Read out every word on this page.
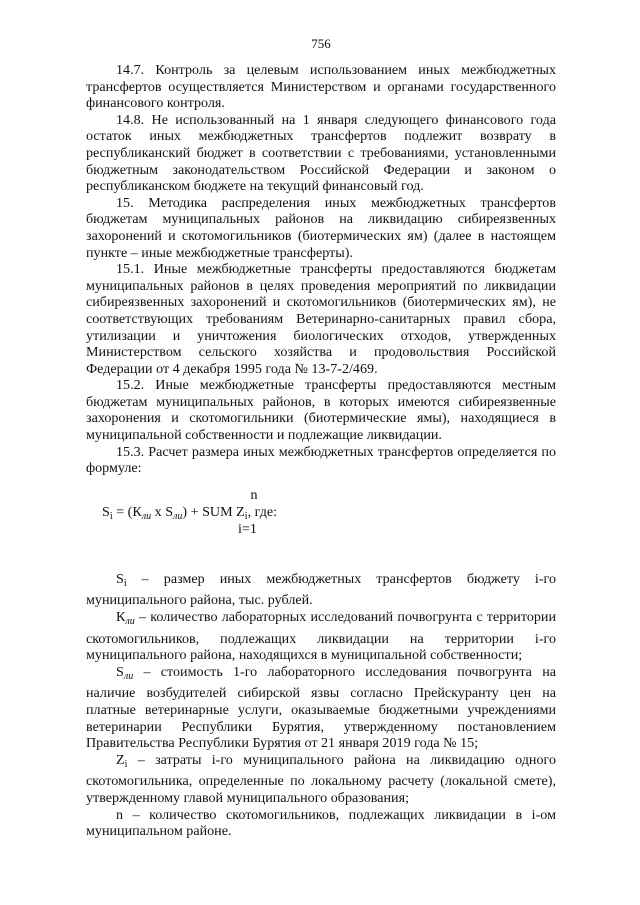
756

14.7. Контроль за целевым использованием иных межбюджетных трансфертов осуществляется Министерством и органами государственного финансового контроля.

14.8. Не использованный на 1 января следующего финансового года остаток иных межбюджетных трансфертов подлежит возврату в республиканский бюджет в соответствии с требованиями, установленными бюджетным законодательством Российской Федерации и законом о республиканском бюджете на текущий финансовый год.

15. Методика распределения иных межбюджетных трансфертов бюджетам муниципальных районов на ликвидацию сибиреязвенных захоронений и скотомогильников (биотермических ям) (далее в настоящем пункте – иные межбюджетные трансферты).

15.1. Иные межбюджетные трансферты предоставляются бюджетам муниципальных районов в целях проведения мероприятий по ликвидации сибиреязвенных захоронений и скотомогильников (биотермических ям), не соответствующих требованиям Ветеринарно-санитарных правил сбора, утилизации и уничтожения биологических отходов, утвержденных Министерством сельского хозяйства и продовольствия Российской Федерации от 4 декабря 1995 года № 13-7-2/469.

15.2. Иные межбюджетные трансферты предоставляются местным бюджетам муниципальных районов, в которых имеются сибиреязвенные захоронения и скотомогильники (биотермические ямы), находящиеся в муниципальной собственности и подлежащие ликвидации.

15.3. Расчет размера иных межбюджетных трансфертов определяется по формуле:

n
$S_i = (К_{ли}$ x $S_{ли}$) + SUM $Z_i$, где:
i=1

$S_i$ – размер иных межбюджетных трансфертов бюджету i-го муниципального района, тыс. рублей.

$К_{ли}$ – количество лабораторных исследований почвогрунта с территории скотомогильников, подлежащих ликвидации на территории i-го муниципального района, находящихся в муниципальной собственности;

$S_{ли}$ – стоимость 1-го лабораторного исследования почвогрунта на наличие возбудителей сибирской язвы согласно Прейскуранту цен на платные ветеринарные услуги, оказываемые бюджетными учреждениями ветеринарии Республики Бурятия, утвержденному постановлением Правительства Республики Бурятия от 21 января 2019 года № 15;

$Z_i$ – затраты i-го муниципального района на ликвидацию одного скотомогильника, определенные по локальному расчету (локальной смете), утвержденному главой муниципального образования;

n – количество скотомогильников, подлежащих ликвидации в i-ом муниципальном районе.
